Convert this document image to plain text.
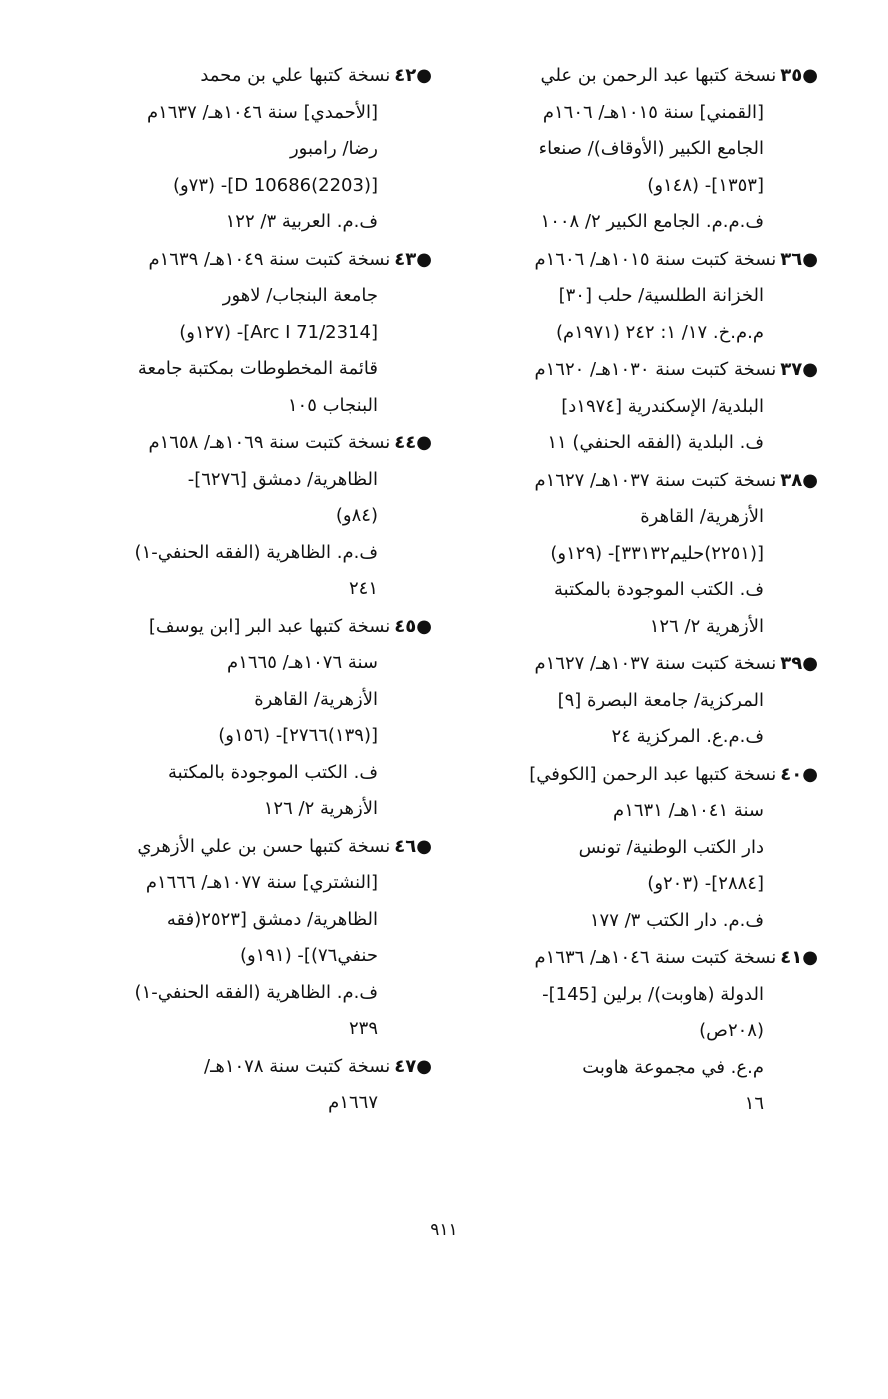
●٣٥نسخة كتبها عبد الرحمن بن علي
[القمني] سنة ١٠١٥هـ/ ١٦٠٦م
الجامع الكبير (الأوقاف)/ صنعاء
[١٣٥٣]- (١٤٨و)
ف.م.م. الجامع الكبير ٢/ ١٠٠٨
●٣٦نسخة كتبت سنة ١٠١٥هـ/ ١٦٠٦م
الخزانة الطلسية/ حلب [٣٠]
م.م.خ. ١٧/ ١: ٢٤٢ (١٩٧١م)
●٣٧نسخة كتبت سنة ١٠٣٠هـ/ ١٦٢٠م
البلدية/ الإسكندرية [١٩٧٤د]
ف. البلدية (الفقه الحنفي) ١١
●٣٨نسخة كتبت سنة ١٠٣٧هـ/ ١٦٢٧م
الأزهرية/ القاهرة
[(٢٢٥١)حليم٣٣١٣٢]- (١٢٩و)
ف. الكتب الموجودة بالمكتبة
الأزهرية ٢/ ١٢٦
●٣٩نسخة كتبت سنة ١٠٣٧هـ/ ١٦٢٧م
المركزية/ جامعة البصرة [٩]
ف.م.ع. المركزية ٢٤
●٤٠نسخة كتبها عبد الرحمن [الكوفي]
سنة ١٠٤١هـ/ ١٦٣١م
دار الكتب الوطنية/ تونس
[٢٨٨٤]- (٢٠٣و)
ف.م. دار الكتب ٣/ ١٧٧
●٤١نسخة كتبت سنة ١٠٤٦هـ/ ١٦٣٦م
الدولة (هاوبت)/ برلين [145]-
(٢٠٨ص)
م.ع. في مجموعة هاوبت
١٦
●٤٢نسخة كتبها علي بن محمد
[الأحمدي] سنة ١٠٤٦هـ/ ١٦٣٧م
رضا/ رامبور
[D 10686(2203)]- (٧٣و)
ف.م. العربية ٣/ ١٢٢
●٤٣نسخة كتبت سنة ١٠٤٩هـ/ ١٦٣٩م
جامعة البنجاب/ لاهور
[Arc I 71/2314]- (١٢٧و)
قائمة المخطوطات بمكتبة جامعة
البنجاب ١٠٥
●٤٤نسخة كتبت سنة ١٠٦٩هـ/ ١٦٥٨م
الظاهرية/ دمشق [٦٢٧٦]-
(٨٤و)
ف.م. الظاهرية (الفقه الحنفي-١)
٢٤١
●٤٥نسخة كتبها عبد البر [ابن يوسف]
سنة ١٠٧٦هـ/ ١٦٦٥م
الأزهرية/ القاهرة
[(١٣٩)٢٧٦٦]- (١٥٦و)
ف. الكتب الموجودة بالمكتبة
الأزهرية ٢/ ١٢٦
●٤٦نسخة كتبها حسن بن علي الأزهري
[النشتري] سنة ١٠٧٧هـ/ ١٦٦٦م
الظاهرية/ دمشق [٢٥٢٣(فقه
حنفي٧٦)]- (١٩١و)
ف.م. الظاهرية (الفقه الحنفي-١)
٢٣٩
●٤٧نسخة كتبت سنة ١٠٧٨هـ/
١٦٦٧م
٩١١
